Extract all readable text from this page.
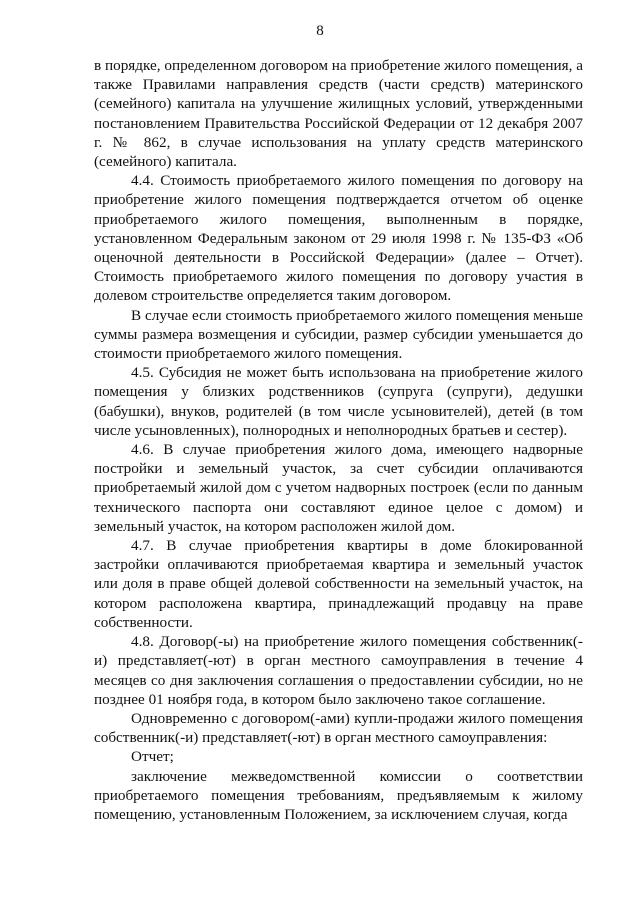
8

в порядке, определенном договором на приобретение жилого помещения, а также Правилами направления средств (части средств) материнского (семейного) капитала на улучшение жилищных условий, утвержденными постановлением Правительства Российской Федерации от 12 декабря 2007 г. № 862, в случае использования на уплату средств материнского (семейного) капитала.

4.4. Стоимость приобретаемого жилого помещения по договору на приобретение жилого помещения подтверждается отчетом об оценке приобретаемого жилого помещения, выполненным в порядке, установленном Федеральным законом от 29 июля 1998 г. № 135-ФЗ «Об оценочной деятельности в Российской Федерации» (далее – Отчет). Стоимость приобретаемого жилого помещения по договору участия в долевом строительстве определяется таким договором.

В случае если стоимость приобретаемого жилого помещения меньше суммы размера возмещения и субсидии, размер субсидии уменьшается до стоимости приобретаемого жилого помещения.

4.5. Субсидия не может быть использована на приобретение жилого помещения у близких родственников (супруга (супруги), дедушки (бабушки), внуков, родителей (в том числе усыновителей), детей (в том числе усыновленных), полнородных и неполнородных братьев и сестер).

4.6. В случае приобретения жилого дома, имеющего надворные постройки и земельный участок, за счет субсидии оплачиваются приобретаемый жилой дом с учетом надворных построек (если по данным технического паспорта они составляют единое целое с домом) и земельный участок, на котором расположен жилой дом.

4.7. В случае приобретения квартиры в доме блокированной застройки оплачиваются приобретаемая квартира и земельный участок или доля в праве общей долевой собственности на земельный участок, на котором расположена квартира, принадлежащий продавцу на праве собственности.

4.8. Договор(-ы) на приобретение жилого помещения собственник(-и) представляет(-ют) в орган местного самоуправления в течение 4 месяцев со дня заключения соглашения о предоставлении субсидии, но не позднее 01 ноября года, в котором было заключено такое соглашение.

Одновременно с договором(-ами) купли-продажи жилого помещения собственник(-и) представляет(-ют) в орган местного самоуправления:

Отчет;

заключение межведомственной комиссии о соответствии приобретаемого помещения требованиям, предъявляемым к жилому помещению, установленным Положением, за исключением случая, когда
